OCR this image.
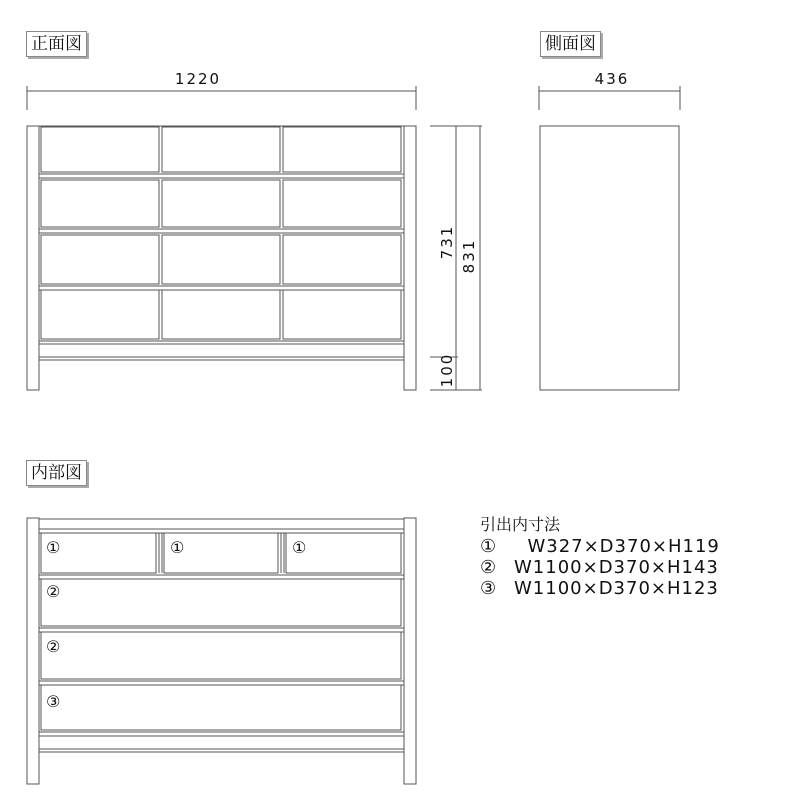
正面図	側面図
内部図
1220	436
731 831
100
①	①	①
②
②
③
引出内寸法
①  W327×D370×H119
② W1100×D370×H143
③ W1100×D370×H123
